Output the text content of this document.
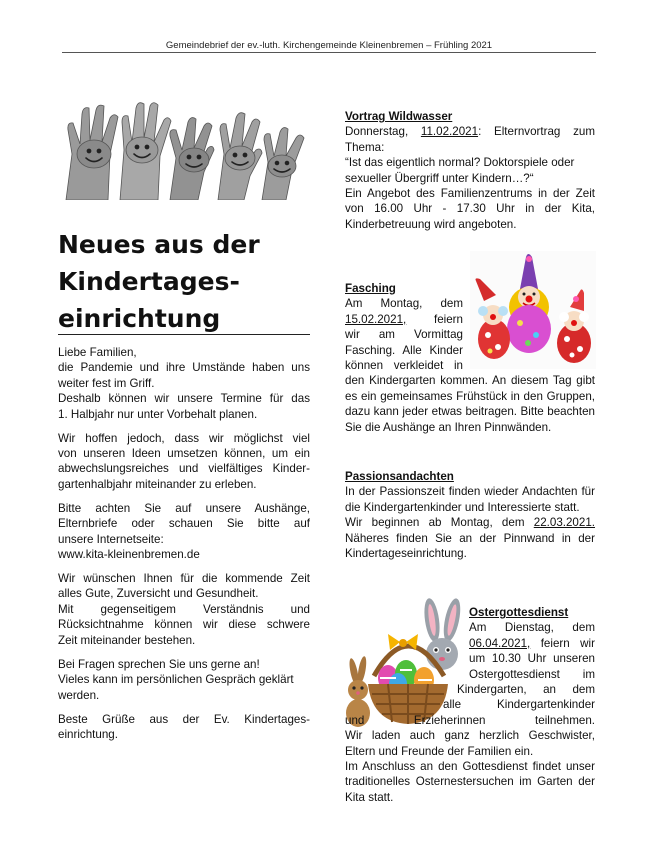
Gemeindebrief der ev.-luth. Kirchengemeinde Kleinenbremen – Frühling 2021
Neues aus der
Kindertages-
einrichtung

Liebe Familien,
die Pandemie und ihre Umstände haben uns
weiter fest im Griff.
Deshalb können wir unsere Termine für das
1. Halbjahr nur unter Vorbehalt planen.

Wir hoffen jedoch, dass wir möglichst viel
von unseren Ideen umsetzen können, um ein
abwechslungsreiches und vielfältiges Kinder-
gartenhalbjahr miteinander zu erleben.

Bitte achten Sie auf unsere Aushänge,
Elternbriefe oder schauen Sie bitte auf
unsere Internetseite:
www.kita-kleinenbremen.de

Wir wünschen Ihnen für die kommende Zeit
alles Gute, Zuversicht und Gesundheit.
Mit gegenseitigem Verständnis und
Rücksichtnahme können wir diese schwere
Zeit miteinander bestehen.

Bei Fragen sprechen Sie uns gerne an!
Vieles kann im persönlichen Gespräch geklärt
werden.

Beste Grüße aus der Ev. Kindertages-
einrichtung.

Vortrag Wildwasser

Donnerstag, 11.02.2021: Elternvortrag zum Thema:

“Ist das eigentlich normal? Doktorspiele oder sexueller Übergriff unter Kindern…?“

Ein Angebot des Familienzentrums in der Zeit von 16.00 Uhr - 17.30 Uhr in der Kita, Kinderbetreuung wird angeboten.

Fasching

Am Montag, dem
15.02.2021, feiern
wir am Vormittag
Fasching. Alle Kinder
können verkleidet in

den Kindergarten kommen. An diesem Tag gibt es ein gemeinsames Frühstück in den Gruppen, dazu kann jeder etwas beitragen. Bitte beachten Sie die Aushänge an Ihren Pinnwänden.

Passionsandachten

In der Passionszeit finden wieder Andachten für die Kindergartenkinder und Interessierte statt.

Wir beginnen ab Montag, dem 22.03.2021.

Näheres finden Sie an der Pinnwand in der Kindertageseinrichtung.

Ostergottesdienst
Am Dienstag, dem
06.04.2021, feiern wir
um 10.30 Uhr unseren
Ostergottesdienst im
Kindergarten, an dem
alle Kindergartenkinder
und Erzieherinnen teilnehmen.

Wir laden auch ganz herzlich Geschwister, Eltern und Freunde der Familien ein.

Im Anschluss an den Gottesdienst findet unser traditionelles Osternestersuchen im Garten der Kita statt.
